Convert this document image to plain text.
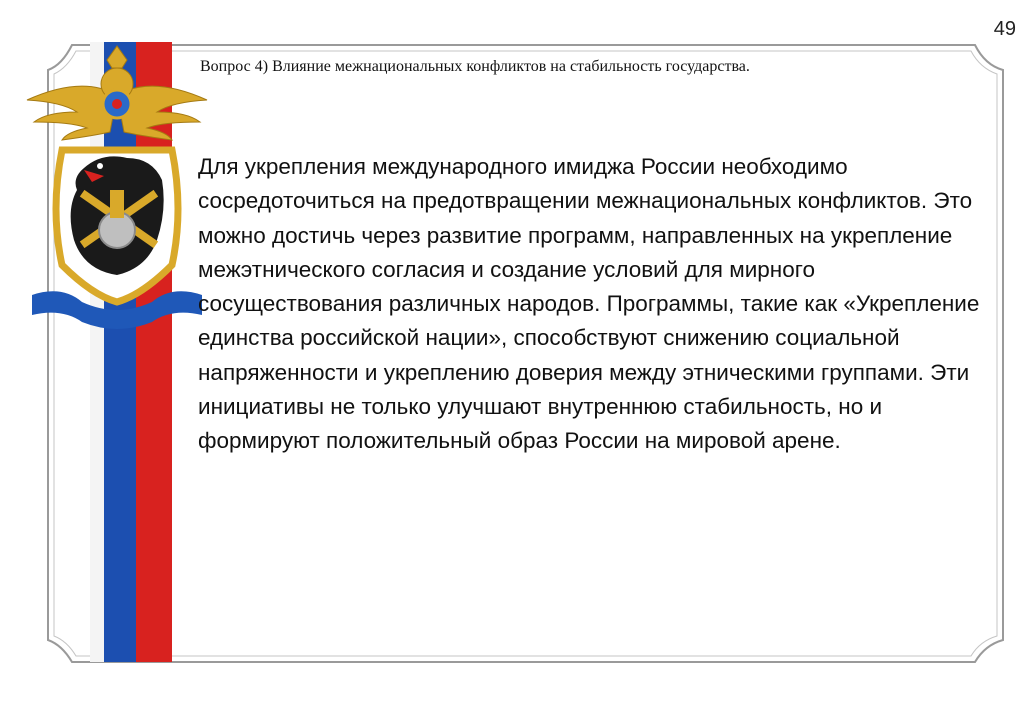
49

Вопрос 4) Влияние межнациональных конфликтов на стабильность государства.

Для укрепления международного имиджа России необходимо сосредоточиться на предотвращении межнациональных конфликтов. Это можно достичь через развитие программ, направленных на укрепление межэтнического согласия и создание условий для мирного сосуществования различных народов. Программы, такие как «Укрепление единства российской нации», способствуют снижению социальной напряженности и укреплению доверия между этническими группами. Эти инициативы не только улучшают внутреннюю стабильность, но и формируют положительный образ России на мировой арене.
